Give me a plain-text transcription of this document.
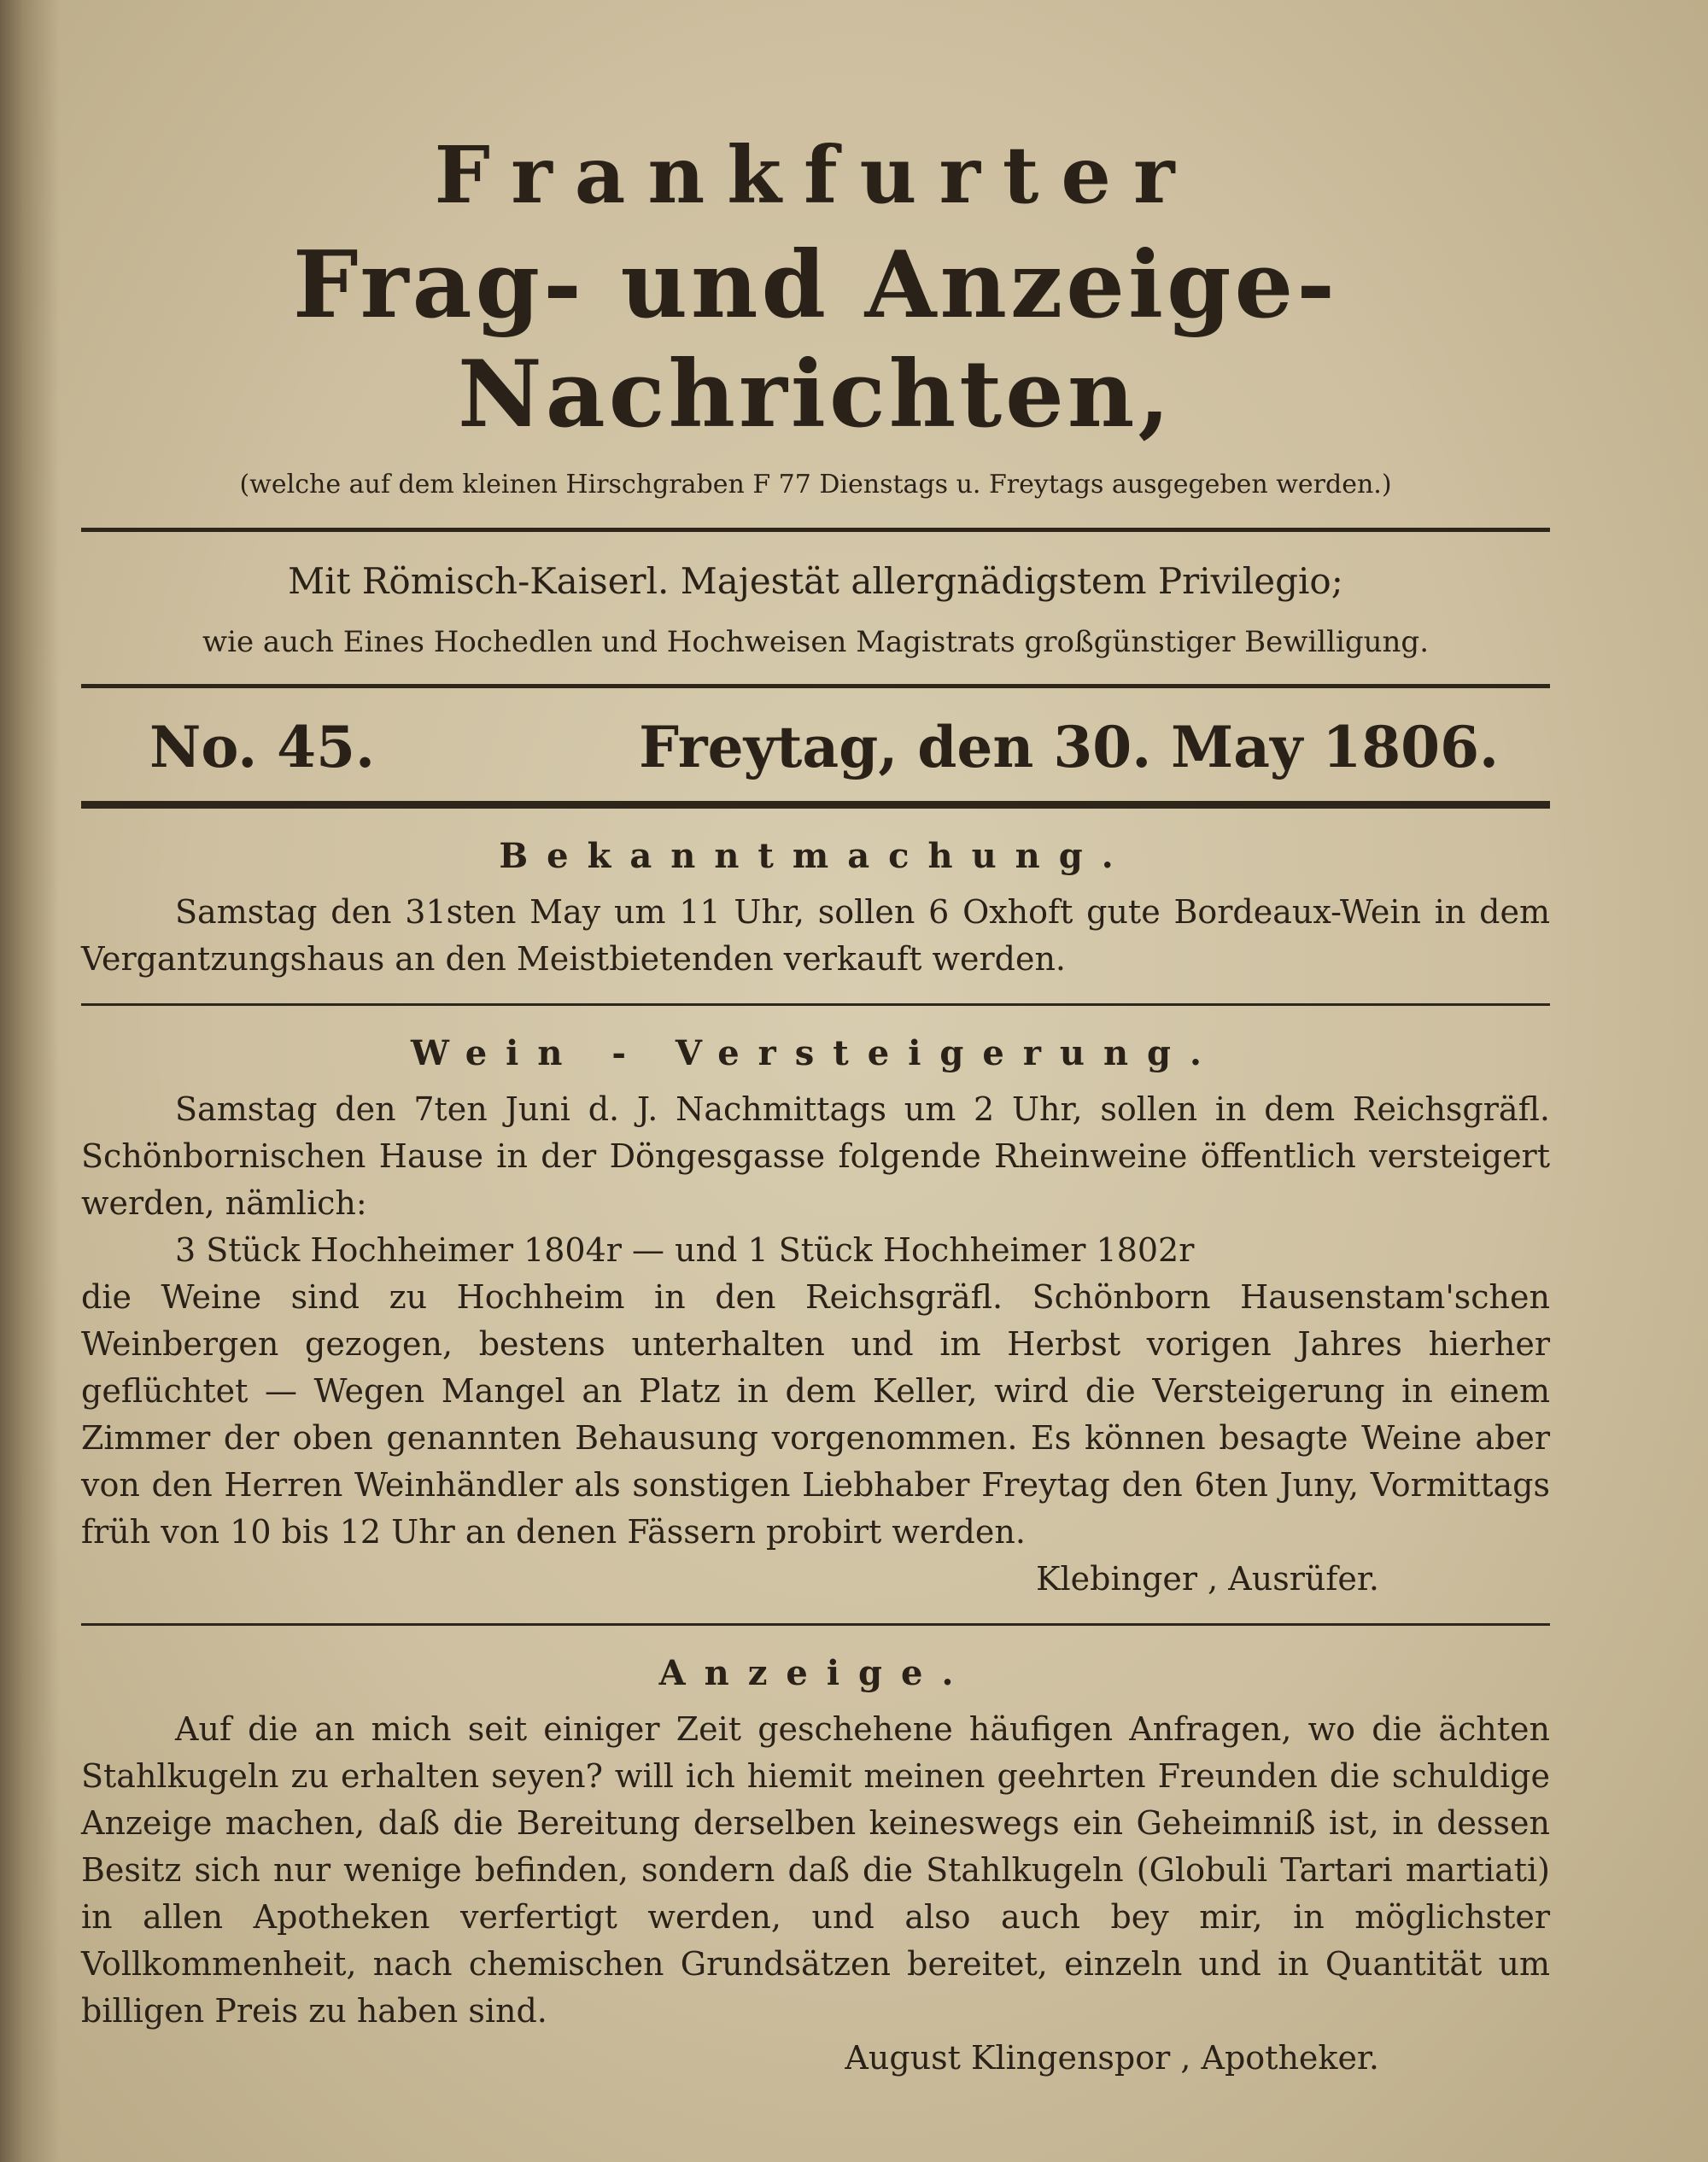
Frankfurter

Frag- und Anzeige-Nachrichten,

(welche auf dem kleinen Hirschgraben F 77 Dienstags u. Freytags ausgegeben werden.)

Mit Römisch-Kaiserl. Majestät allergnädigstem Privilegio;

wie auch Eines Hochedlen und Hochweisen Magistrats großgünstiger Bewilligung.

No. 45.	Freytag, den 30. May 1806.

Bekanntmachung.

Samstag den 31sten May um 11 Uhr, sollen 6 Oxhoft gute Bordeaux-Wein in dem Vergantzungshaus an den Meistbietenden verkauft werden.

Wein - Versteigerung.

Samstag den 7ten Juni d. J. Nachmittags um 2 Uhr, sollen in dem Reichsgräfl. Schönbornischen Hause in der Döngesgasse folgende Rheinweine öffentlich versteigert werden, nämlich:

3 Stück Hochheimer 1804r — und 1 Stück Hochheimer 1802r

die Weine sind zu Hochheim in den Reichsgräfl. Schönborn Hausenstam'schen Weinbergen gezogen, bestens unterhalten und im Herbst vorigen Jahres hierher geflüchtet — Wegen Mangel an Platz in dem Keller, wird die Versteigerung in einem Zimmer der oben genannten Behausung vorgenommen. Es können besagte Weine aber von den Herren Weinhändler als sonstigen Liebhaber Freytag den 6ten Juny, Vormittags früh von 10 bis 12 Uhr an denen Fässern probirt werden.

Klebinger , Ausrüfer.

Anzeige.

Auf die an mich seit einiger Zeit geschehene häufigen Anfragen, wo die ächten Stahlkugeln zu erhalten seyen? will ich hiemit meinen geehrten Freunden die schuldige Anzeige machen, daß die Bereitung derselben keineswegs ein Geheimniß ist, in dessen Besitz sich nur wenige befinden, sondern daß die Stahlkugeln (Globuli Tartari martiati) in allen Apotheken verfertigt werden, und also auch bey mir, in möglichster Vollkommenheit, nach chemischen Grundsätzen bereitet, einzeln und in Quantität um billigen Preis zu haben sind.

August Klingenspor , Apotheker.
